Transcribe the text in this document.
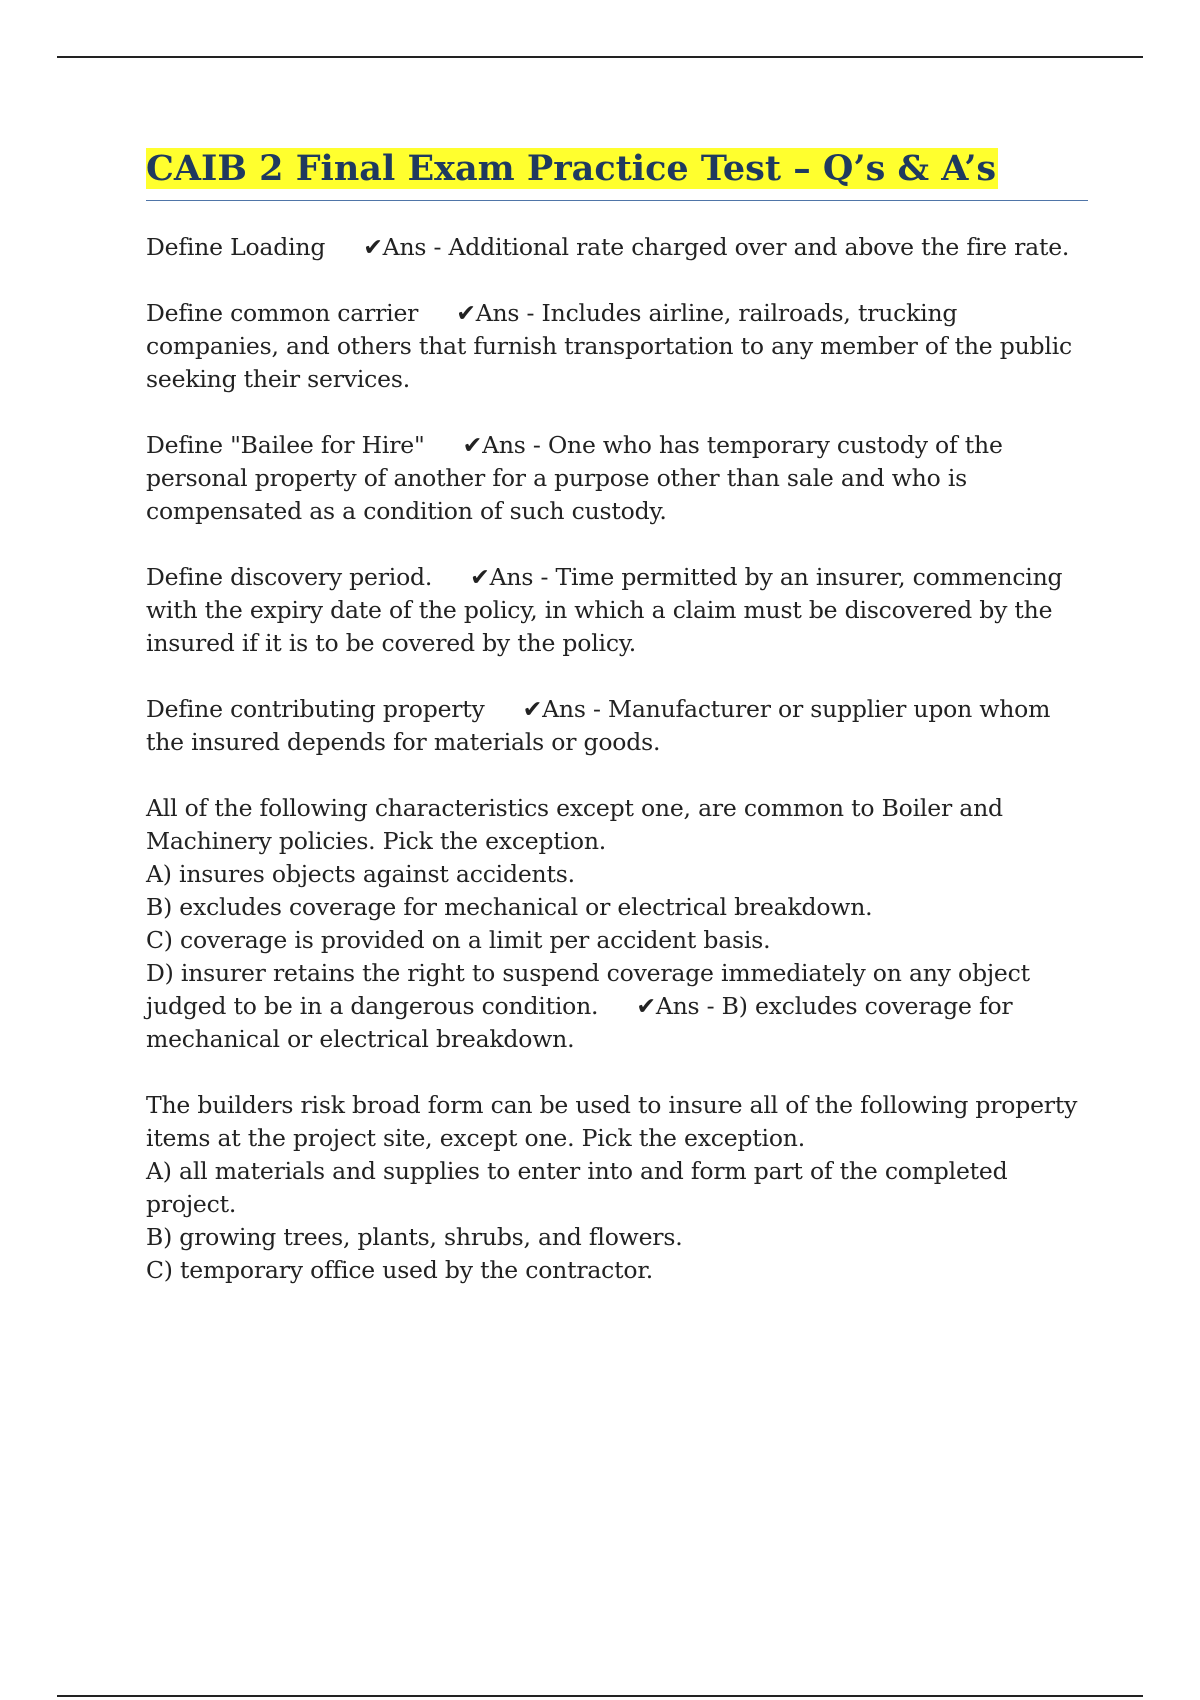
CAIB 2 Final Exam Practice Test – Q’s & A’s

Define Loading ✔Ans - Additional rate charged over and above the fire rate.

Define common carrier ✔Ans - Includes airline, railroads, trucking companies, and others that furnish transportation to any member of the public seeking their services.

Define "Bailee for Hire" ✔Ans - One who has temporary custody of the personal property of another for a purpose other than sale and who is compensated as a condition of such custody.

Define discovery period. ✔Ans - Time permitted by an insurer, commencing with the expiry date of the policy, in which a claim must be discovered by the insured if it is to be covered by the policy.

Define contributing property ✔Ans - Manufacturer or supplier upon whom the insured depends for materials or goods.

All of the following characteristics except one, are common to Boiler and Machinery policies. Pick the exception.

A) insures objects against accidents.
B) excludes coverage for mechanical or electrical breakdown.
C) coverage is provided on a limit per accident basis.
D) insurer retains the right to suspend coverage immediately on any object judged to be in a dangerous condition. ✔Ans - B) excludes coverage for mechanical or electrical breakdown.

The builders risk broad form can be used to insure all of the following property items at the project site, except one. Pick the exception.

A) all materials and supplies to enter into and form part of the completed project.
B) growing trees, plants, shrubs, and flowers.
C) temporary office used by the contractor.
